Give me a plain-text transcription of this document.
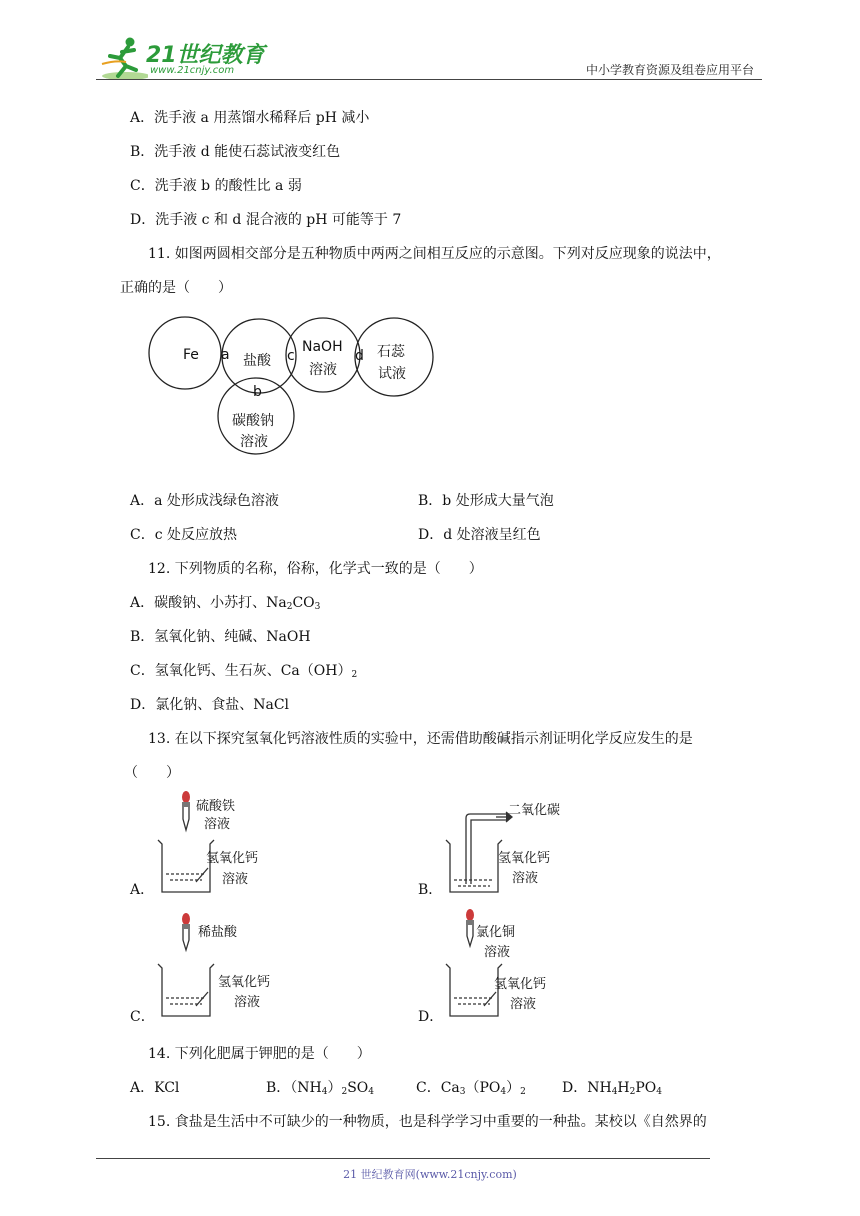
21世纪教育
www.21cnjy.com	中小学教育资源及组卷应用平台
A．洗手液 a 用蒸馏水稀释后 pH 减小
B．洗手液 d 能使石蕊试液变红色
C．洗手液 b 的酸性比 a 弱
D．洗手液 c 和 d 混合液的 pH 可能等于 7
11. 如图两圆相交部分是五种物质中两两之间相互反应的示意图。下列对反应现象的说法中，
正确的是（　　）
Fe a 盐酸 c
NaOH
溶液
d 石蕊
试液
b
碳酸钠
溶液
A．a 处形成浅绿色溶液	B．b 处形成大量气泡
C．c 处反应放热	D．d 处溶液呈红色
12. 下列物质的名称，俗称，化学式一致的是（　　）
A．碳酸钠、小苏打、$Na_2CO_3$
B．氢氧化钠、纯碱、NaOH
C．氢氧化钙、生石灰、$Ca(OH)_2$
D．氯化钠、食盐、NaCl
13. 在以下探究氢氧化钙溶液性质的实验中，还需借助酸碱指示剂证明化学反应发生的是
（　　）
A．
硫酸铁
溶液
氢氧化钙
溶液
B．
二氧化碳
氢氧化钙
溶液
C．
稀盐酸
氢氧化钙
溶液
D．
氯化铜
溶液
氢氧化钙
溶液
14. 下列化肥属于钾肥的是（　　）
A．KCl	B．$(NH_4)_2SO_4$	C．$Ca_3(PO_4)_2$	D．$NH_4H_2PO_4$
15. 食盐是生活中不可缺少的一种物质，也是科学学习中重要的一种盐。某校以《自然界的
21 世纪教育网(www.21cnjy.com)
